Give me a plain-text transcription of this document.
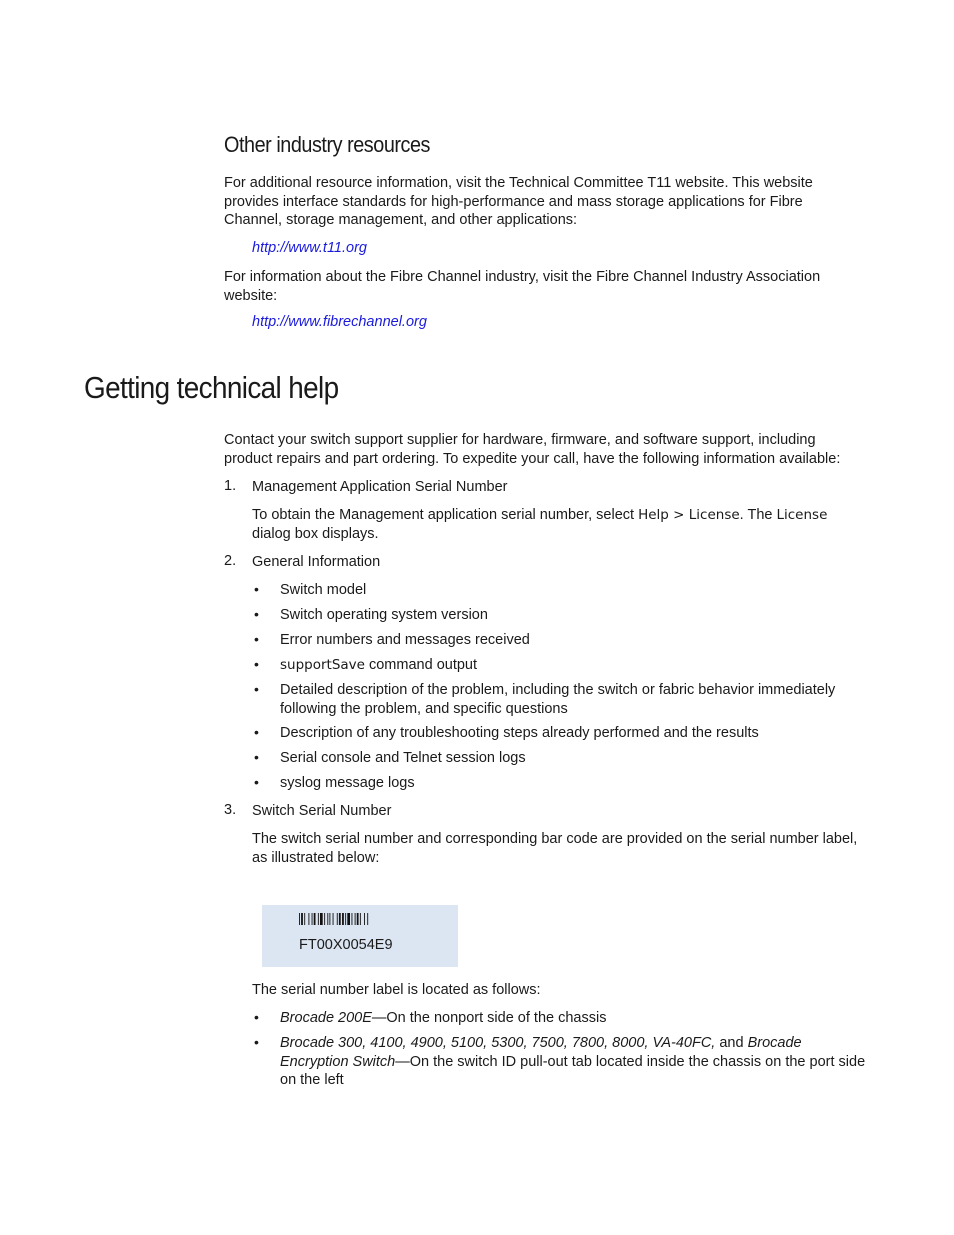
Other industry resources
For additional resource information, visit the Technical Committee T11 website. This website provides interface standards for high-performance and mass storage applications for Fibre Channel, storage management, and other applications:
http://www.t11.org
For information about the Fibre Channel industry, visit the Fibre Channel Industry Association website:
http://www.fibrechannel.org
Getting technical help
Contact your switch support supplier for hardware, firmware, and software support, including product repairs and part ordering. To expedite your call, have the following information available:
1. Management Application Serial Number
To obtain the Management application serial number, select Help > License. The License dialog box displays.
2. General Information
• Switch model
• Switch operating system version
• Error numbers and messages received
• supportSave command output
• Detailed description of the problem, including the switch or fabric behavior immediately following the problem, and specific questions
• Description of any troubleshooting steps already performed and the results
• Serial console and Telnet session logs
• syslog message logs
3. Switch Serial Number
The switch serial number and corresponding bar code are provided on the serial number label, as illustrated below:
FT00X0054E9
The serial number label is located as follows:
• Brocade 200E—On the nonport side of the chassis
• Brocade 300, 4100, 4900, 5100, 5300, 7500, 7800, 8000, VA-40FC, and Brocade Encryption Switch—On the switch ID pull-out tab located inside the chassis on the port side on the left
